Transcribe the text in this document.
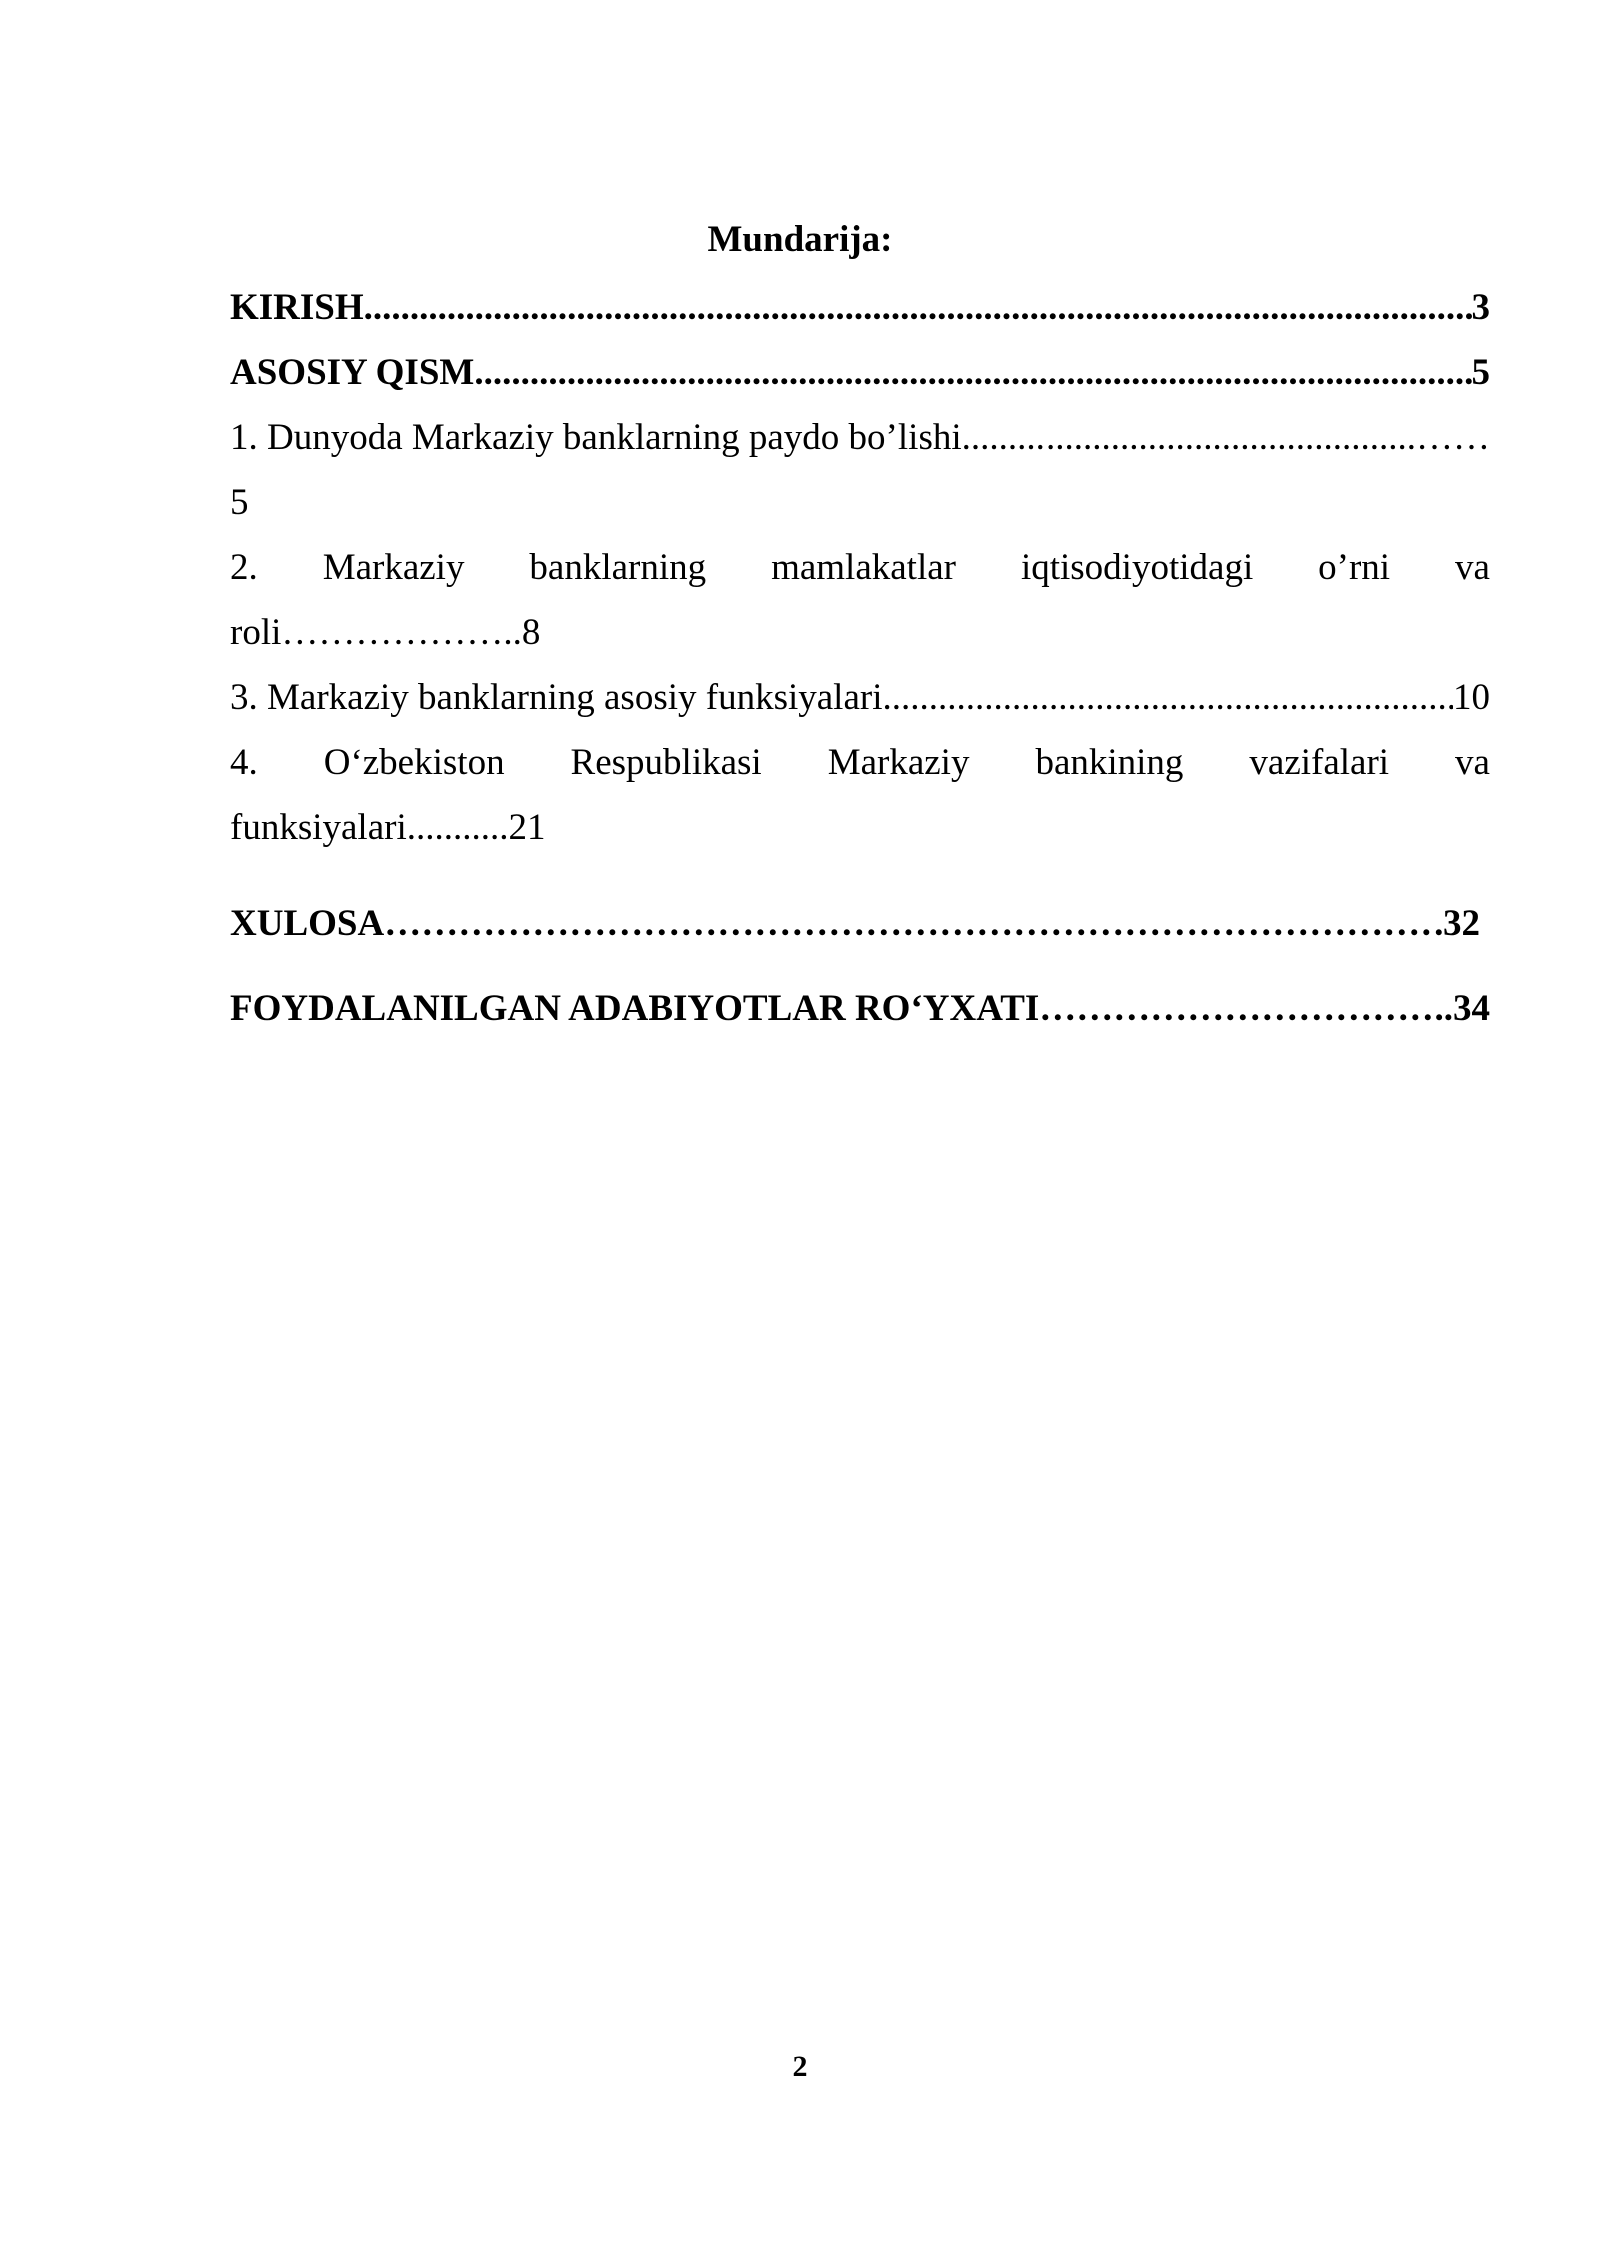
Mundarija:
KIRISH .....	3
ASOSIY QISM .....	5
1. Dunyoda Markaziy banklarning paydo bo’lishi ..... ........................................……
5
2. Markaziy banklarning mamlakatlar iqtisodiyotidagi o’rni va
roli………………..8
3. Markaziy banklarning asosiy funksiyalari .....	10
4. O‘zbekiston Respublikasi Markaziy bankining vazifalari va
funksiyalari...........21
XULOSA ……………………………………………………………………………………………………………………………………………………………………………………	32
FOYDALANILGAN ADABIYOTLAR RO‘YXATI ……………………………………………………………………………………………………………………………………………………………………………………	.. 34
2
